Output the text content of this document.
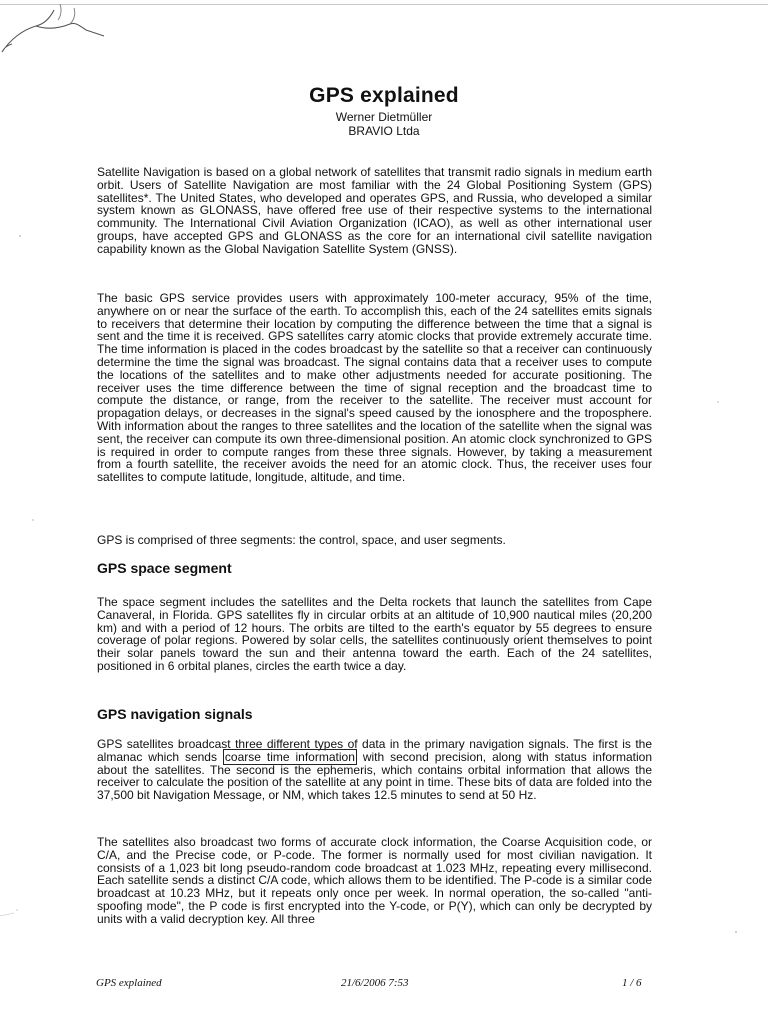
GPS explained
Werner Dietmüller
BRAVIO Ltda

Satellite Navigation is based on a global network of satellites that transmit radio signals in medium earth orbit. Users of Satellite Navigation are most familiar with the 24 Global Positioning System (GPS) satellites*. The United States, who developed and operates GPS, and Russia, who developed a similar system known as GLONASS, have offered free use of their respective systems to the international community. The International Civil Aviation Organization (ICAO), as well as other international user groups, have accepted GPS and GLONASS as the core for an international civil satellite navigation capability known as the Global Navigation Satellite System (GNSS).

The basic GPS service provides users with approximately 100-meter accuracy, 95% of the time, anywhere on or near the surface of the earth. To accomplish this, each of the 24 satellites emits signals to receivers that determine their location by computing the difference between the time that a signal is sent and the time it is received. GPS satellites carry atomic clocks that provide extremely accurate time. The time information is placed in the codes broadcast by the satellite so that a receiver can continuously determine the time the signal was broadcast. The signal contains data that a receiver uses to compute the locations of the satellites and to make other adjustments needed for accurate positioning. The receiver uses the time difference between the time of signal reception and the broadcast time to compute the distance, or range, from the receiver to the satellite. The receiver must account for propagation delays, or decreases in the signal's speed caused by the ionosphere and the troposphere. With information about the ranges to three satellites and the location of the satellite when the signal was sent, the receiver can compute its own three-dimensional position. An atomic clock synchronized to GPS is required in order to compute ranges from these three signals. However, by taking a measurement from a fourth satellite, the receiver avoids the need for an atomic clock. Thus, the receiver uses four satellites to compute latitude, longitude, altitude, and time.

GPS is comprised of three segments: the control, space, and user segments.

GPS space segment

The space segment includes the satellites and the Delta rockets that launch the satellites from Cape Canaveral, in Florida. GPS satellites fly in circular orbits at an altitude of 10,900 nautical miles (20,200 km) and with a period of 12 hours. The orbits are tilted to the earth's equator by 55 degrees to ensure coverage of polar regions. Powered by solar cells, the satellites continuously orient themselves to point their solar panels toward the sun and their antenna toward the earth. Each of the 24 satellites, positioned in 6 orbital planes, circles the earth twice a day.

GPS navigation signals

GPS satellites broadcast three different types of data in the primary navigation signals. The first is the almanac which sends coarse time information with second precision, along with status information about the satellites. The second is the ephemeris, which contains orbital information that allows the receiver to calculate the position of the satellite at any point in time. These bits of data are folded into the 37,500 bit Navigation Message, or NM, which takes 12.5 minutes to send at 50 Hz.

The satellites also broadcast two forms of accurate clock information, the Coarse Acquisition code, or C/A, and the Precise code, or P-code. The former is normally used for most civilian navigation. It consists of a 1,023 bit long pseudo-random code broadcast at 1.023 MHz, repeating every millisecond. Each satellite sends a distinct C/A code, which allows them to be identified. The P-code is a similar code broadcast at 10.23 MHz, but it repeats only once per week. In normal operation, the so-called "anti-spoofing mode", the P code is first encrypted into the Y-code, or P(Y), which can only be decrypted by units with a valid decryption key. All three

GPS explained	21/6/2006 7:53	1 / 6
